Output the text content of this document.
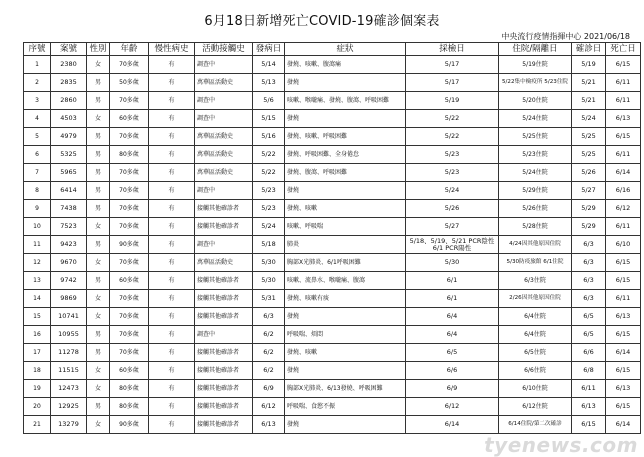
6月18日新增死亡COVID-19確診個案表
中央流行疫情指揮中心 2021/06/18
序號	案號	性別	年齡	慢性病史	活動接觸史	發病日	症狀	採檢日	住院/隔離日	確診日	死亡日
1	2380	女	70多歲	有	調查中	5/14	發燒、咳嗽、腹瀉痛	5/17	5/19住院	5/19	6/15
2	2835	男	50多歲	有	萬華區活動史	5/13	發燒	5/17	5/22集中檢疫所 5/23住院	5/21	6/11
3	2860	男	70多歲	有	調查中	5/6	咳嗽、喉嚨痛、發燒、腹瀉、呼吸困難	5/19	5/20住院	5/21	6/11
4	4503	女	60多歲	有	調查中	5/15	發燒	5/22	5/24住院	5/24	6/13
5	4979	男	70多歲	有	萬華區活動史	5/16	發燒、咳嗽、呼吸困難	5/22	5/25住院	5/25	6/15
6	5325	男	80多歲	有	萬華區活動史	5/22	發燒、呼吸困難、全身倦怠	5/23	5/23住院	5/25	6/11
7	5965	男	70多歲	有	萬華區活動史	5/22	發燒、腹瀉、呼吸困難	5/23	5/24住院	5/26	6/14
8	6414	男	70多歲	有	調查中	5/23	發燒	5/24	5/29住院	5/27	6/16
9	7438	男	70多歲	有	接觸其他確診者	5/23	發燒、咳嗽	5/26	5/26住院	5/29	6/12
10	7523	女	70多歲	有	接觸其他確診者	5/24	咳嗽、呼吸喘	5/27	5/28住院	5/29	6/11
11	9423	男	90多歲	有	調查中	5/18	肺炎	5/18、5/19、5/21 PCR陰性 6/1 PCR陽性	4/24因其他原因住院	6/3	6/10
12	9670	女	70多歲	有	萬華區活動史	5/30	胸部X光肺炎、6/1呼吸困難	5/30	5/30防疫旅館 6/1住院	6/3	6/15
13	9742	男	60多歲	有	接觸其他確診者	5/30	咳嗽、流鼻水、喉嚨痛、腹瀉	6/1	6/3住院	6/3	6/15
14	9869	女	70多歲	有	接觸其他確診者	5/31	發燒、咳嗽有痰	6/1	2/26因其他原因住院	6/3	6/11
15	10741	女	70多歲	有	接觸其他確診者	6/3	發燒	6/4	6/4住院	6/5	6/13
16	10955	男	70多歲	有	調查中	6/2	呼吸喘、煩悶	6/4	6/4住院	6/5	6/15
17	11278	男	70多歲	有	接觸其他確診者	6/2	發燒、咳嗽	6/5	6/5住院	6/6	6/14
18	11515	女	60多歲	有	接觸其他確診者	6/2	發燒	6/6	6/6住院	6/8	6/15
19	12473	女	80多歲	有	接觸其他確診者	6/9	胸部X光肺炎、6/13發燒、呼吸困難	6/9	6/10住院	6/11	6/13
20	12925	男	80多歲	有	接觸其他確診者	6/12	呼吸喘、食慾不振	6/12	6/12住院	6/13	6/15
21	13279	女	90多歲	有	接觸其他確診者	6/13	發燒	6/14	6/14住院/第二次確診	6/15	6/14
tyenews.com
